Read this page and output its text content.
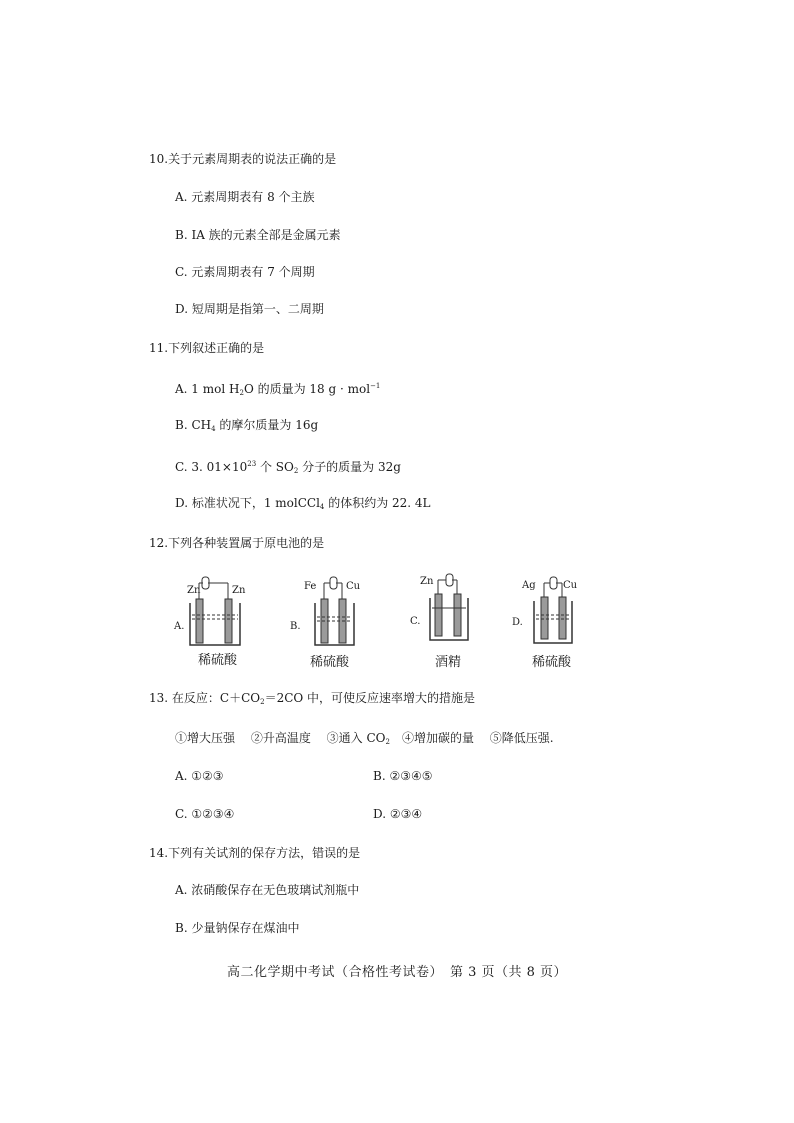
10.关于元素周期表的说法正确的是
A. 元素周期表有 8 个主族
B. ⅠA 族的元素全部是金属元素
C. 元素周期表有 7 个周期
D. 短周期是指第一、二周期
11.下列叙述正确的是
A. 1 mol $H_2O$ 的质量为 18 g · mol$^{-1}$
B. $CH_4$ 的摩尔质量为 16g
C. 3. $01\times 10^{23}$ 个 $SO_2$ 分子的质量为 32g
D. 标准状况下，1 molCCl$_4$ 的体积约为 22. 4L
12.下列各种装置属于原电池的是
A.
Zn	Zn
稀硫酸
B.
Fe	Cu
稀硫酸
C.
Zn
酒精
D.
Ag	Cu
稀硫酸
13. 在反应：$C+CO_2=2CO$ 中，可使反应速率增大的措施是
①增大压强　 ②升高温度　 ③通入 $CO_2$　④增加碳的量　 ⑤降低压强.
A. ①②③	B. ②③④⑤
C. ①②③④	D. ②③④
14.下列有关试剂的保存方法，错误的是
A. 浓硝酸保存在无色玻璃试剂瓶中
B. 少量钠保存在煤油中
高二化学期中考试（合格性考试卷）　第 3 页（共 8 页）
